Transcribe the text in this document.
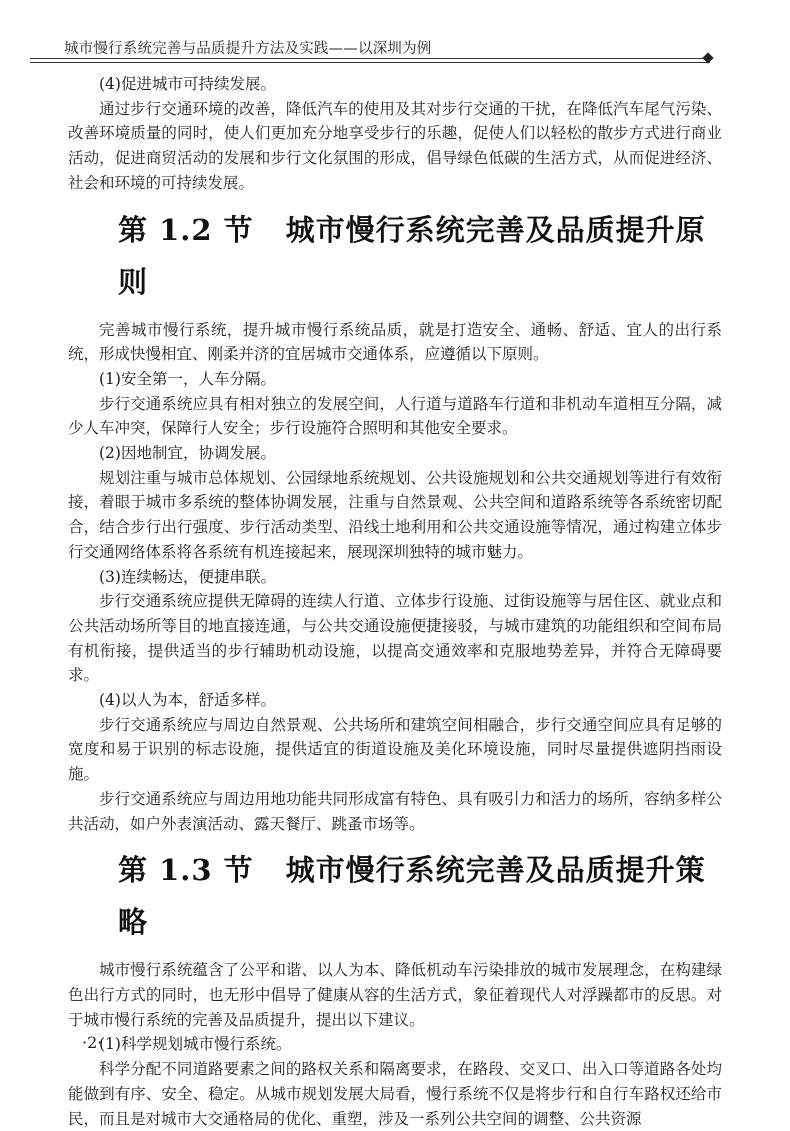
城市慢行系统完善与品质提升方法及实践——以深圳为例

(4)促进城市可持续发展。

通过步行交通环境的改善，降低汽车的使用及其对步行交通的干扰，在降低汽车尾气污染、改善环境质量的同时，使人们更加充分地享受步行的乐趣，促使人们以轻松的散步方式进行商业活动，促进商贸活动的发展和步行文化氛围的形成，倡导绿色低碳的生活方式，从而促进经济、社会和环境的可持续发展。

第 1.2 节 城市慢行系统完善及品质提升原则

完善城市慢行系统，提升城市慢行系统品质，就是打造安全、通畅、舒适、宜人的出行系统，形成快慢相宜、刚柔并济的宜居城市交通体系，应遵循以下原则。

(1)安全第一，人车分隔。

步行交通系统应具有相对独立的发展空间，人行道与道路车行道和非机动车道相互分隔，减少人车冲突，保障行人安全；步行设施符合照明和其他安全要求。

(2)因地制宜，协调发展。

规划注重与城市总体规划、公园绿地系统规划、公共设施规划和公共交通规划等进行有效衔接，着眼于城市多系统的整体协调发展，注重与自然景观、公共空间和道路系统等各系统密切配合，结合步行出行强度、步行活动类型、沿线土地利用和公共交通设施等情况，通过构建立体步行交通网络体系将各系统有机连接起来，展现深圳独特的城市魅力。

(3)连续畅达，便捷串联。

步行交通系统应提供无障碍的连续人行道、立体步行设施、过街设施等与居住区、就业点和公共活动场所等目的地直接连通，与公共交通设施便捷接驳，与城市建筑的功能组织和空间布局有机衔接，提供适当的步行辅助机动设施，以提高交通效率和克服地势差异，并符合无障碍要求。

(4)以人为本，舒适多样。

步行交通系统应与周边自然景观、公共场所和建筑空间相融合，步行交通空间应具有足够的宽度和易于识别的标志设施，提供适宜的街道设施及美化环境设施，同时尽量提供遮阴挡雨设施。

步行交通系统应与周边用地功能共同形成富有特色、具有吸引力和活力的场所，容纳多样公共活动，如户外表演活动、露天餐厅、跳蚤市场等。

第 1.3 节 城市慢行系统完善及品质提升策略

城市慢行系统蕴含了公平和谐、以人为本、降低机动车污染排放的城市发展理念，在构建绿色出行方式的同时，也无形中倡导了健康从容的生活方式，象征着现代人对浮躁都市的反思。对于城市慢行系统的完善及品质提升，提出以下建议。

(1)科学规划城市慢行系统。

科学分配不同道路要素之间的路权关系和隔离要求，在路段、交叉口、出入口等道路各处均能做到有序、安全、稳定。从城市规划发展大局看，慢行系统不仅是将步行和自行车路权还给市民，而且是对城市大交通格局的优化、重塑，涉及一系列公共空间的调整、公共资源

·2·
